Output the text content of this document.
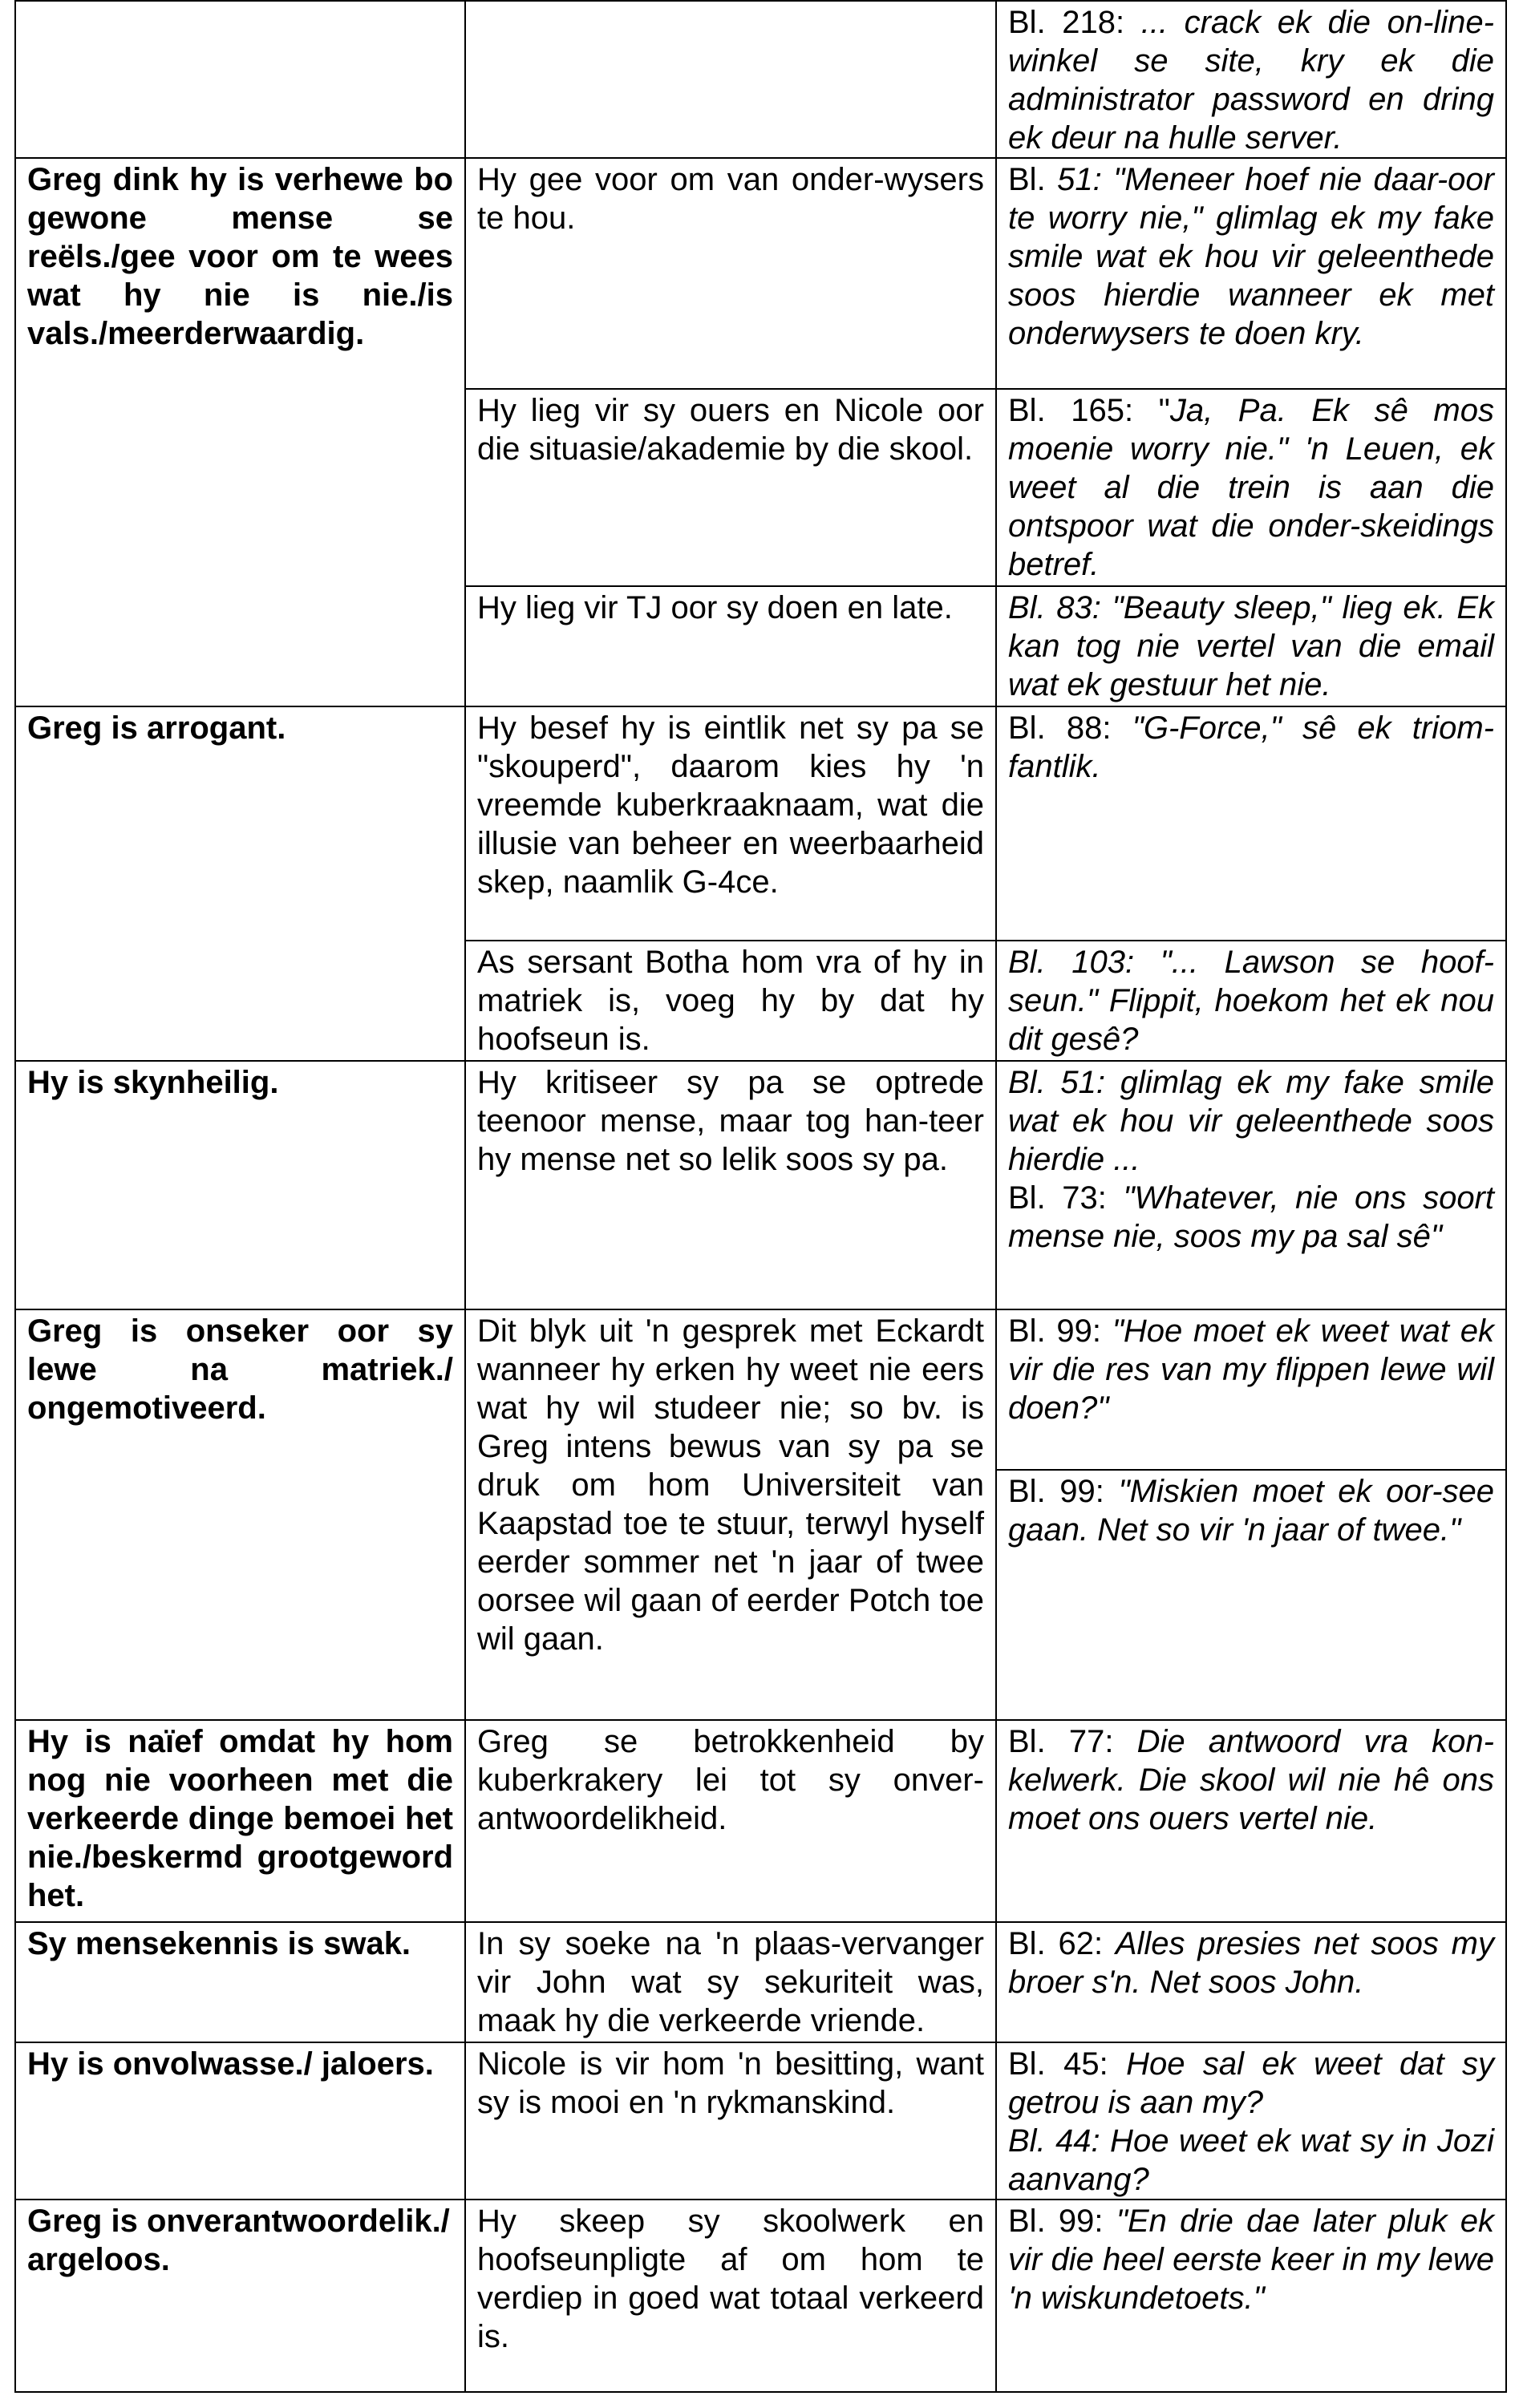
		Bl. 218: ... crack ek die on-line-winkel se site, kry ek die administrator password en dring ek deur na hulle server.
Greg dink hy is verhewe bo gewone mense se reëls./gee voor om te wees wat hy nie is nie./is vals./meerderwaardig.	Hy gee voor om van onder-wysers te hou.	Bl. 51: "Meneer hoef nie daar-oor te worry nie," glimlag ek my fake smile wat ek hou vir geleenthede soos hierdie wanneer ek met onderwysers te doen kry.
	Hy lieg vir sy ouers en Nicole oor die situasie/akademie by die skool.	Bl. 165: "Ja, Pa. Ek sê mos moenie worry nie." 'n Leuen, ek weet al die trein is aan die ontspoor wat die onder-skeidings betref.
	Hy lieg vir TJ oor sy doen en late.	Bl. 83: "Beauty sleep," lieg ek. Ek kan tog nie vertel van die email wat ek gestuur het nie.
Greg is arrogant.	Hy besef hy is eintlik net sy pa se "skouperd", daarom kies hy 'n vreemde kuberkraaknaam, wat die illusie van beheer en weerbaarheid skep, naamlik G-4ce.	Bl. 88: "G-Force," sê ek triom-fantlik.
	As sersant Botha hom vra of hy in matriek is, voeg hy by dat hy hoofseun is.	Bl. 103: "... Lawson se hoof-seun." Flippit, hoekom het ek nou dit gesê?
Hy is skynheilig.	Hy kritiseer sy pa se optrede teenoor mense, maar tog han-teer hy mense net so lelik soos sy pa.	Bl. 51: glimlag ek my fake smile wat ek hou vir geleenthede soos hierdie ...
Bl. 73: "Whatever, nie ons soort mense nie, soos my pa sal sê"

Greg is onseker oor sy lewe na matriek./ ongemotiveerd.	Dit blyk uit 'n gesprek met Eckardt wanneer hy erken hy weet nie eers wat hy wil studeer nie; so bv. is Greg intens bewus van sy pa se druk om hom Universiteit van Kaapstad toe te stuur, terwyl hyself eerder sommer net 'n jaar of twee oorsee wil gaan of eerder Potch toe wil gaan.	Bl. 99: "Hoe moet ek weet wat ek vir die res van my flippen lewe wil doen?"
		Bl. 99: "Miskien moet ek oor-see gaan. Net so vir 'n jaar of twee."
Hy is naïef omdat hy hom nog nie voorheen met die verkeerde dinge bemoei het nie./beskermd grootgeword het.	Greg se betrokkenheid by kuberkrakery lei tot sy onver-antwoordelikheid.	Bl. 77: Die antwoord vra kon-kelwerk. Die skool wil nie hê ons moet ons ouers vertel nie.
Sy mensekennis is swak.	In sy soeke na 'n plaas-vervanger vir John wat sy sekuriteit was, maak hy die verkeerde vriende.	Bl. 62: Alles presies net soos my broer s'n. Net soos John.
Hy is onvolwasse./ jaloers.	Nicole is vir hom 'n besitting, want sy is mooi en 'n rykmanskind.	Bl. 45: Hoe sal ek weet dat sy getrou is aan my?
Bl. 44: Hoe weet ek wat sy in Jozi aanvang?

Greg is onverantwoordelik./ argeloos.	Hy skeep sy skoolwerk en hoofseunpligte af om hom te verdiep in goed wat totaal verkeerd is.	Bl. 99: "En drie dae later pluk ek vir die heel eerste keer in my lewe 'n wiskundetoets."
